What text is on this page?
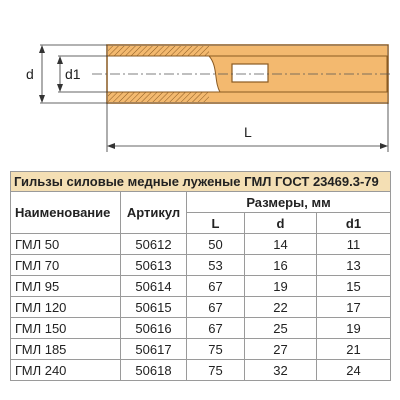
d d1
L
Гильзы силовые медные луженые ГМЛ ГОСТ 23469.3-79				
Наименование	Артикул	Размеры, мм		
		L	d	d1
ГМЛ 50	50612	50	14	11
ГМЛ 70	50613	53	16	13
ГМЛ 95	50614	67	19	15
ГМЛ 120	50615	67	22	17
ГМЛ 150	50616	67	25	19
ГМЛ 185	50617	75	27	21
ГМЛ 240	50618	75	32	24
